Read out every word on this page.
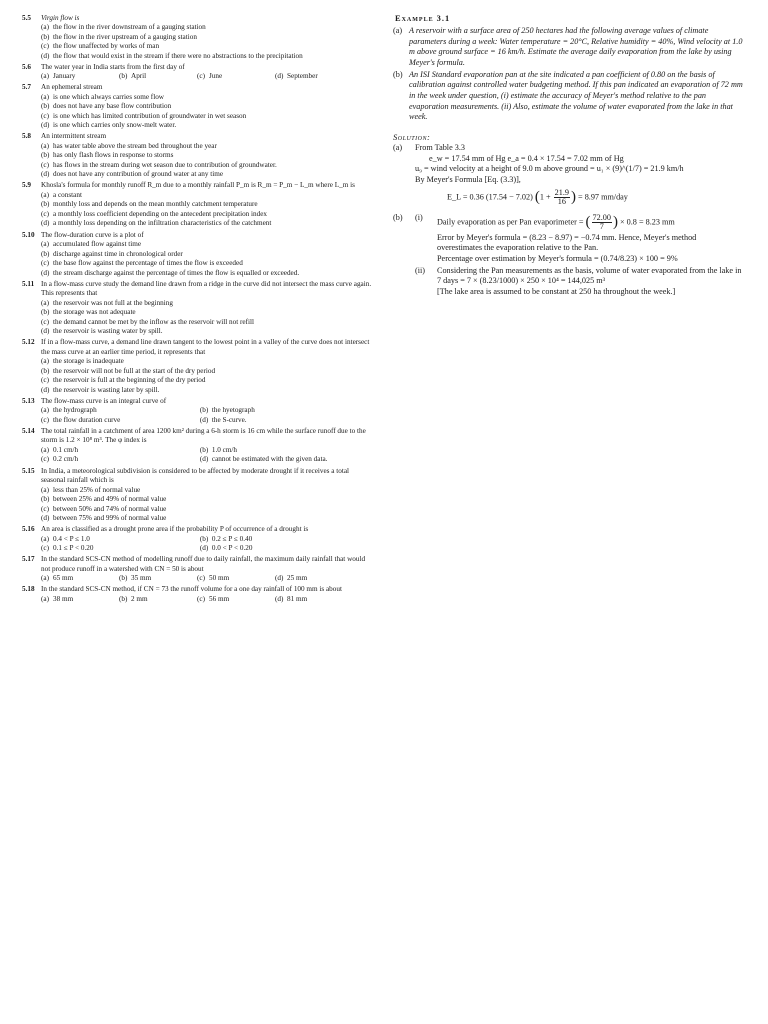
5.5	Virgin flow is
(a) the flow in the river downstream of a gauging station
(b) the flow in the river upstream of a gauging station
(c) the flow unaffected by works of man
(d) the flow that would exist in the stream if there were no abstractions to the precipitation
5.6	The water year in India starts from the first day of
(a) January	(b) April	(c) June	(d) September
5.7	An ephemeral stream
(a) is one which always carries some flow
(b) does not have any base flow contribution
(c) is one which has limited contribution of groundwater in wet season
(d) is one which carries only snow-melt water.
5.8	An intermittent stream
(a) has water table above the stream bed throughout the year
(b) has only flash flows in response to storms
(c) has flows in the stream during wet season due to contribution of groundwater.
(d) does not have any contribution of ground water at any time
5.9	Khosla's formula for monthly runoff R_m due to a monthly rainfall P_m is R_m = P_m − L_m where L_m is
(a) a constant
(b) monthly loss and depends on the mean monthly catchment temperature
(c) a monthly loss coefficient depending on the antecedent precipitation index
(d) a monthly loss depending on the infiltration characteristics of the catchment
5.10 The flow-duration curve is a plot of
(a) accumulated flow against time
(b) discharge against time in chronological order
(c) the base flow against the percentage of times the flow is exceeded
(d) the stream discharge against the percentage of times the flow is equalled or exceeded.
5.11 In a flow-mass curve study the demand line drawn from a ridge in the curve did not intersect the mass curve again. This represents that
(a) the reservoir was not full at the beginning
(b) the storage was not adequate
(c) the demand cannot be met by the inflow as the reservoir will not refill
(d) the reservoir is wasting water by spill.
5.12 If in a flow-mass curve, a demand line drawn tangent to the lowest point in a valley of the curve does not intersect the mass curve at an earlier time period, it represents that
(a) the storage is inadequate
(b) the reservoir will not be full at the start of the dry period
(c) the reservoir is full at the beginning of the dry period
(d) the reservoir is wasting later by spill.
5.13 The flow-mass curve is an integral curve of
(a) the hydrograph	(b) the hyetograph
(c) the flow duration curve	(d) the S-curve.
5.14 The total rainfall in a catchment of area 1200 km² during a 6-h storm is 16 cm while the surface runoff due to the storm is 1.2 × 10⁸ m³. The φ index is
(a) 0.1 cm/h	(b) 1.0 cm/h
(c) 0.2 cm/h	(d) cannot be estimated with the given data.
5.15 In India, a meteorological subdivision is considered to be affected by moderate drought if it receives a total seasonal rainfall which is
(a) less than 25% of normal value
(b) between 25% and 49% of normal value
(c) between 50% and 74% of normal value
(d) between 75% and 99% of normal value
5.16 An area is classified as a drought prone area if the probability P of occurrence of a drought is
(a) 0.4 < P ≤ 1.0	(b) 0.2 ≤ P ≤ 0.40
(c) 0.1 ≤ P < 0.20	(d) 0.0 < P < 0.20
5.17 In the standard SCS-CN method of modelling runoff due to daily rainfall, the maximum daily rainfall that would not produce runoff in a watershed with CN = 50 is about
(a) 65 mm	(b) 35 mm	(c) 50 mm	(d) 25 mm
5.18 In the standard SCS-CN method, if CN = 73 the runoff volume for a one day rainfall of 100 mm is about
(a) 38 mm	(b) 2 mm	(c) 56 mm	(d) 81 mm
Example 3.1
(a) A reservoir with a surface area of 250 hectares had the following average values of climate parameters during a week: Water temperature = 20°C, Relative humidity = 40%, Wind velocity at 1.0 m above ground surface = 16 km/h. Estimate the average daily evaporation from the lake by using Meyer's formula.
(b) An ISI Standard evaporation pan at the site indicated a pan coefficient of 0.80 on the basis of calibration against controlled water budgeting method. If this pan indicated an evaporation of 72 mm in the week under question, (i) estimate the accuracy of Meyer's method relative to the pan evaporation measurements. (ii) Also, estimate the volume of water evaporated from the lake in that week.
Solution:
(a)	From Table 3.3
e_w = 17.54 mm of Hg e_a = 0.4 × 17.54 = 7.02 mm of Hg
u₉ = wind velocity at a height of 9.0 m above ground = u₁ × (9)^(1/7) = 21.9 km/h
By Meyer's Formula [Eq. (3.3)],
E_L = 0.36 (17.54 − 7.02) ($1 + \frac{21.9}{16}$ ) = 8.97 mm/day
(b)	(i)
Daily evaporation as per Pan evaporimeter = ( $\frac{72.00}{7}$ ) × 0.8 = 8.23 mm
Error by Meyer's formula = (8.23 − 8.97) = −0.74 mm. Hence, Meyer's method overestimates the evaporation relative to the Pan.
Percentage over estimation by Meyer's formula = (0.74/8.23) × 100 = 9%
(ii)	Considering the Pan measurements as the basis, volume of water evaporated from the lake in 7 days = 7 × (8.23/1000) × 250 × 10⁴ = 144,025 m³
[The lake area is assumed to be constant at 250 ha throughout the week.]
